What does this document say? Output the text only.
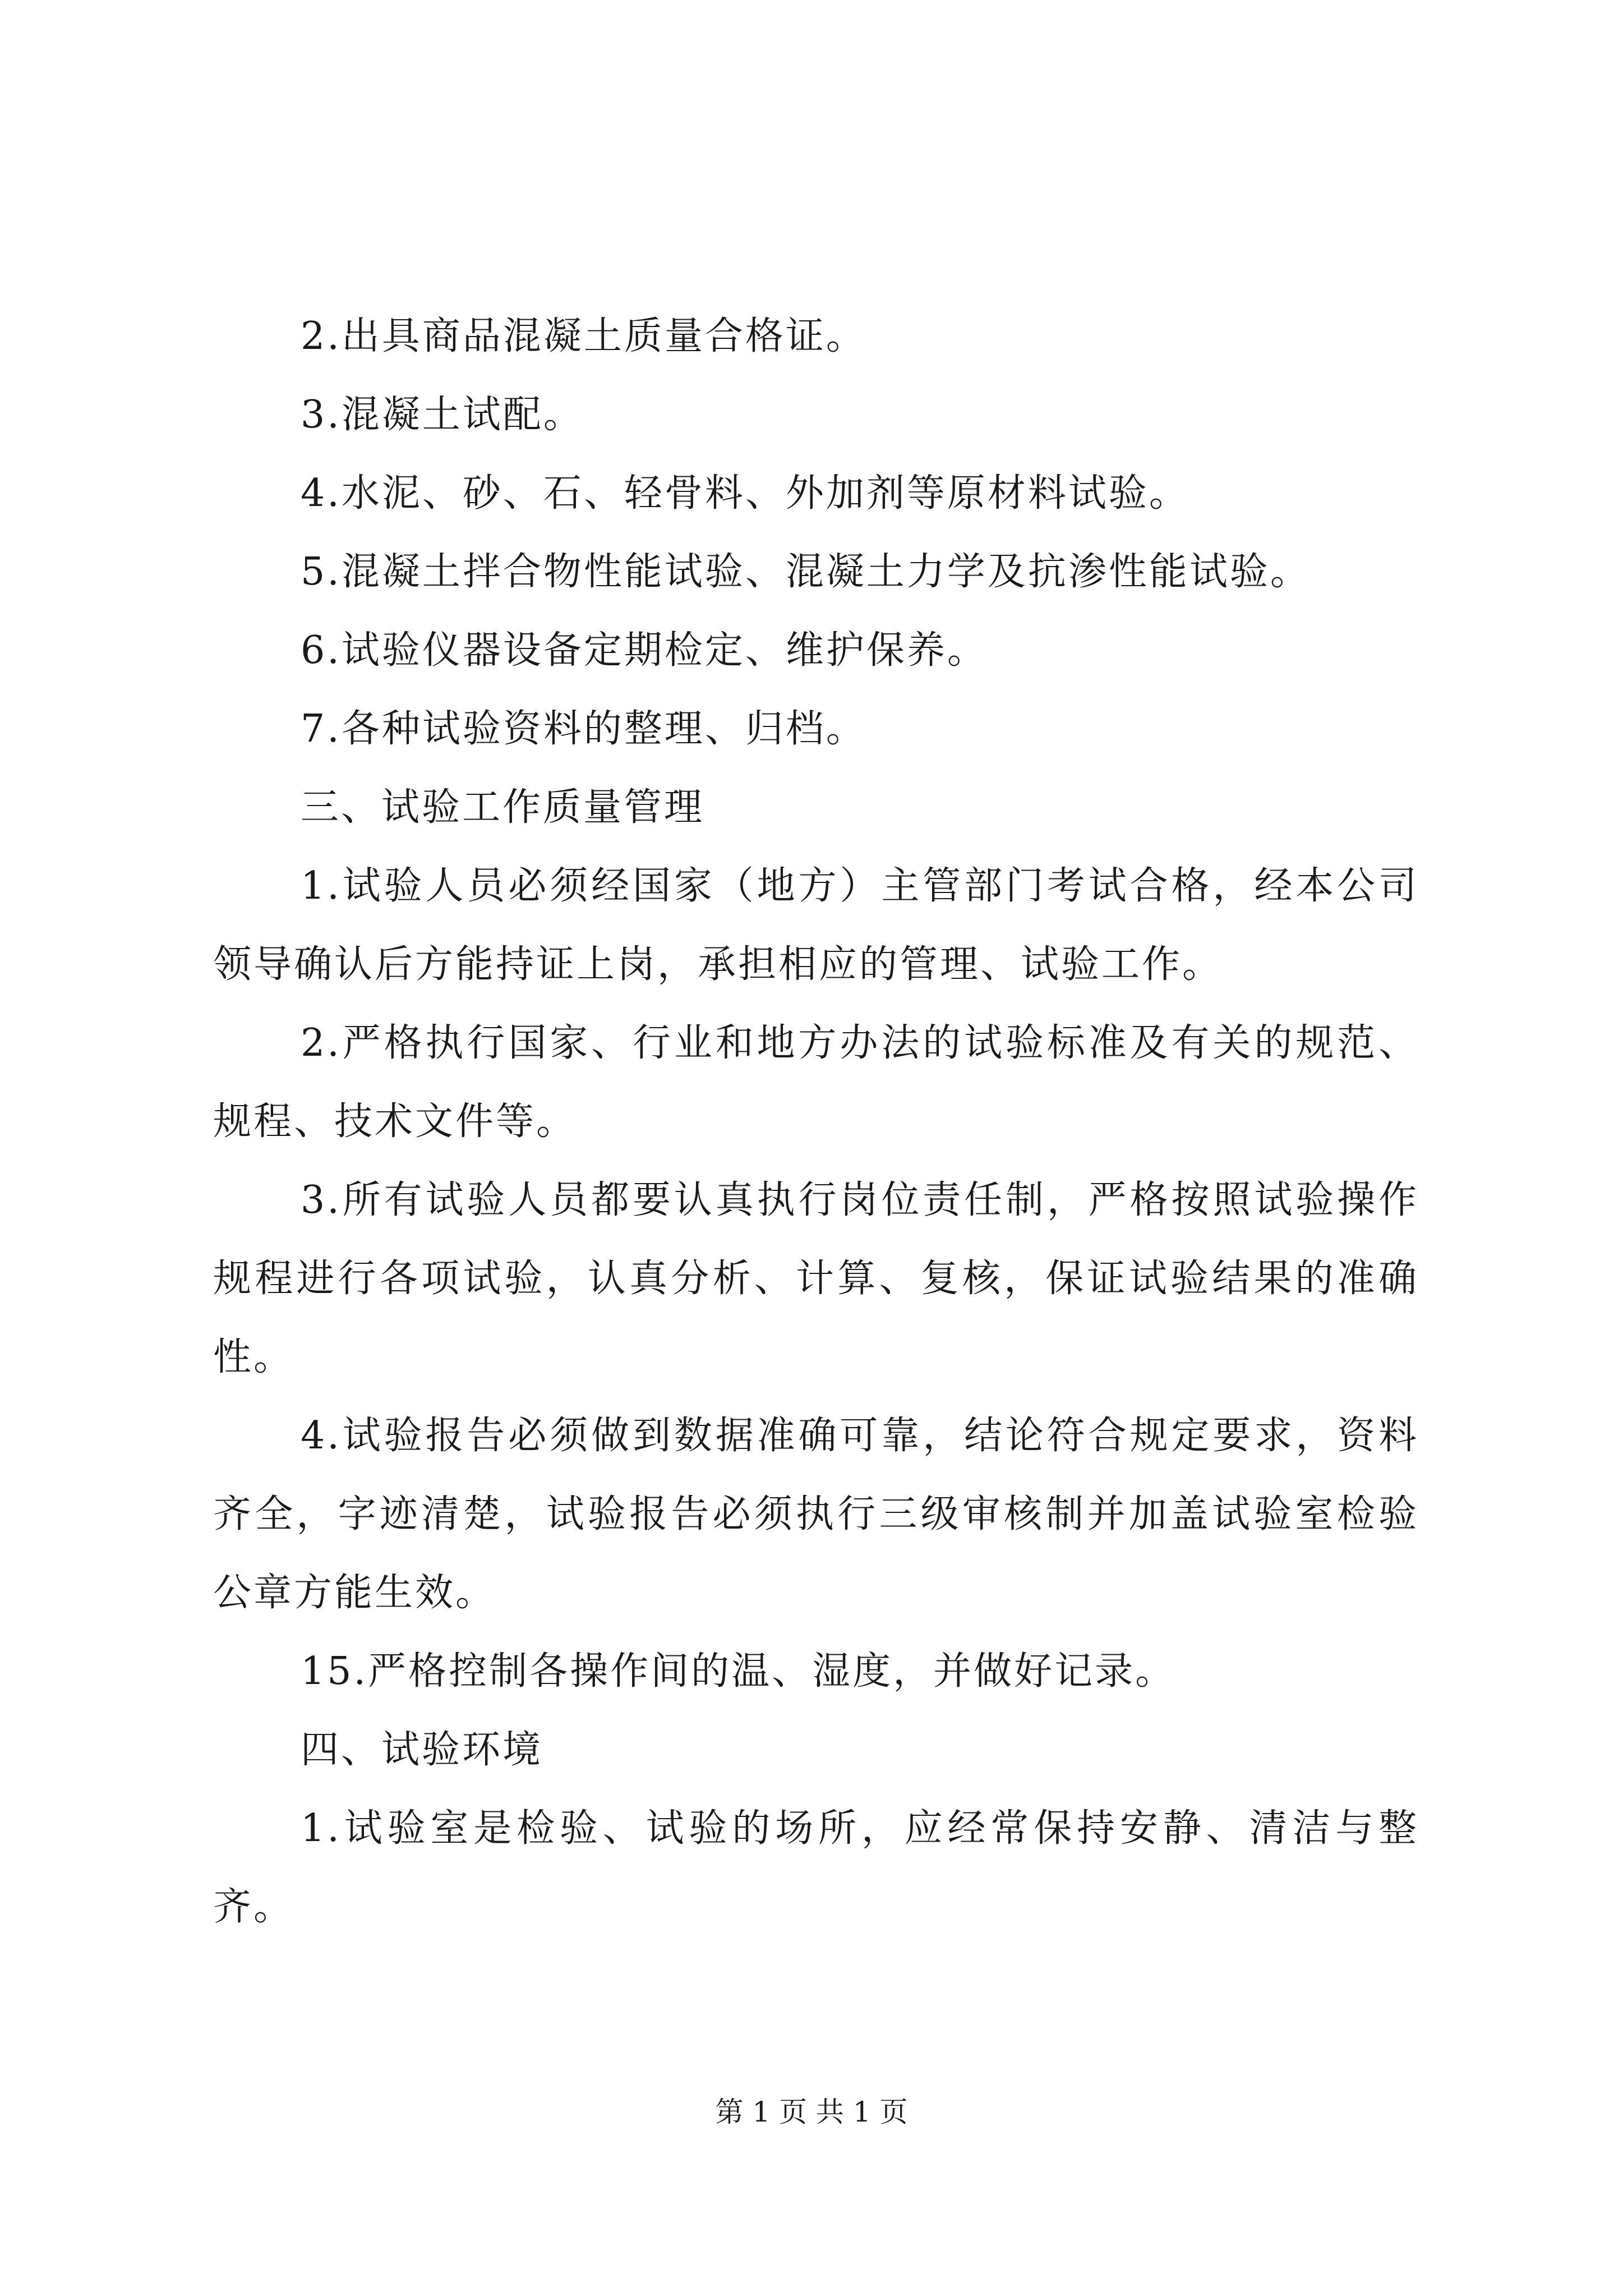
2.出具商品混凝土质量合格证。

3.混凝土试配。

4.水泥、砂、石、轻骨料、外加剂等原材料试验。

5.混凝土拌合物性能试验、混凝土力学及抗渗性能试验。

6.试验仪器设备定期检定、维护保养。

7.各种试验资料的整理、归档。

三、试验工作质量管理

1.试验人员必须经国家（地方）主管部门考试合格，经本公司领导确认后方能持证上岗，承担相应的管理、试验工作。

2.严格执行国家、行业和地方办法的试验标准及有关的规范、规程、技术文件等。

3.所有试验人员都要认真执行岗位责任制，严格按照试验操作规程进行各项试验，认真分析、计算、复核，保证试验结果的准确性。

4.试验报告必须做到数据准确可靠，结论符合规定要求，资料齐全，字迹清楚，试验报告必须执行三级审核制并加盖试验室检验公章方能生效。

15.严格控制各操作间的温、湿度，并做好记录。

四、试验环境

1.试验室是检验、试验的场所，应经常保持安静、清洁与整齐。

第 1 页 共 1 页
